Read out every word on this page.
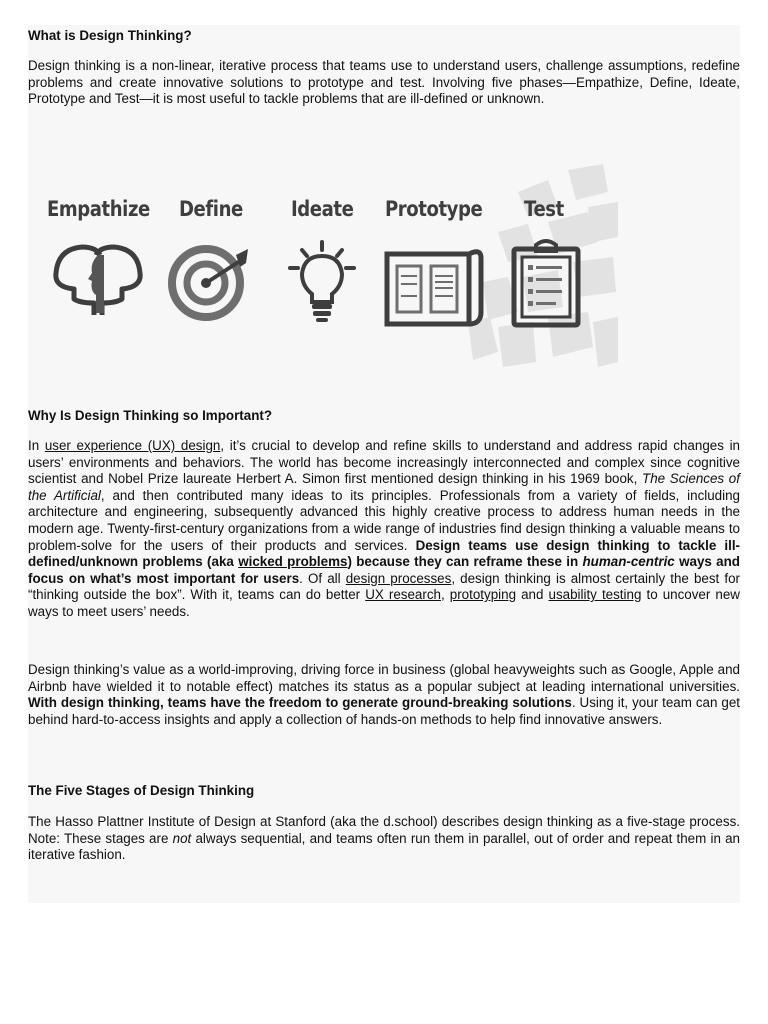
What is Design Thinking?

Design thinking is a non-linear, iterative process that teams use to understand users, challenge assumptions, redefine problems and create innovative solutions to prototype and test. Involving five phases—Empathize, Define, Ideate, Prototype and Test—it is most useful to tackle problems that are ill-defined or unknown.

Empathize Define Ideate Prototype Test
Why Is Design Thinking so Important?

In user experience (UX) design, it’s crucial to develop and refine skills to understand and address rapid changes in users’ environments and behaviors. The world has become increasingly interconnected and complex since cognitive scientist and Nobel Prize laureate Herbert A. Simon first mentioned design thinking in his 1969 book, The Sciences of the Artificial, and then contributed many ideas to its principles. Professionals from a variety of fields, including architecture and engineering, subsequently advanced this highly creative process to address human needs in the modern age. Twenty-first-century organizations from a wide range of industries find design thinking a valuable means to problem-solve for the users of their products and services. Design teams use design thinking to tackle ill-defined/unknown problems (aka wicked problems) because they can reframe these in human-centric ways and focus on what’s most important for users. Of all design processes, design thinking is almost certainly the best for “thinking outside the box”. With it, teams can do better UX research, prototyping and usability testing to uncover new ways to meet users’ needs.

Design thinking’s value as a world-improving, driving force in business (global heavyweights such as Google, Apple and Airbnb have wielded it to notable effect) matches its status as a popular subject at leading international universities. With design thinking, teams have the freedom to generate ground-breaking solutions. Using it, your team can get behind hard-to-access insights and apply a collection of hands-on methods to help find innovative answers.

The Five Stages of Design Thinking

The Hasso Plattner Institute of Design at Stanford (aka the d.school) describes design thinking as a five-stage process. Note: These stages are not always sequential, and teams often run them in parallel, out of order and repeat them in an iterative fashion.
